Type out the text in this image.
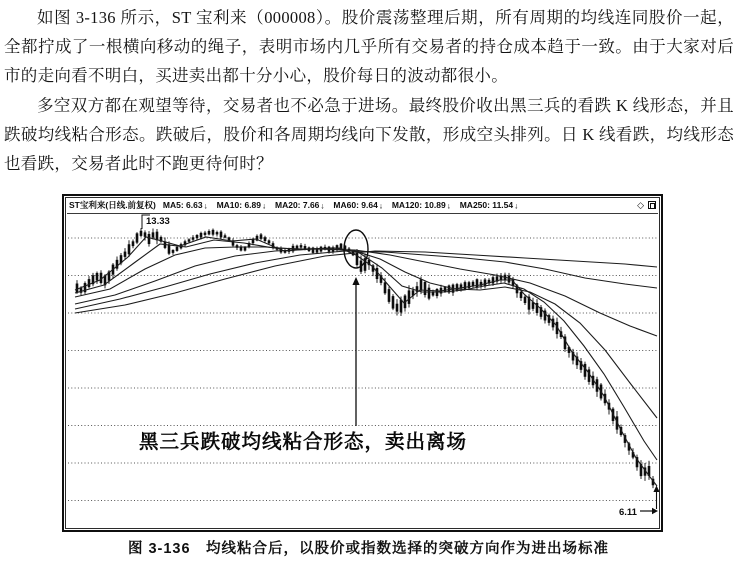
如图 3-136 所示，ST 宝利来（000008）。股价震荡整理后期，所有周期的均线连同股价一起，全都拧成了一根横向移动的绳子，表明市场内几乎所有交易者的持仓成本趋于一致。由于大家对后市的走向看不明白，买进卖出都十分小心，股价每日的波动都很小。

多空双方都在观望等待，交易者也不必急于进场。最终股价收出黑三兵的看跌 K 线形态，并且跌破均线粘合形态。跌破后，股价和各周期均线向下发散，形成空头排列。日 K 线看跌，均线形态也看跌，交易者此时不跑更待何时？

ST宝利来(日线.前复权) MA5: 6.63 ↓ MA10: 6.89 ↓ MA20: 7.66 ↓ MA60: 9.64 ↓ MA120: 10.89 ↓ MA250: 11.54 ↓	◇
黑三兵跌破均线粘合形态，卖出离场
13.33
6.11
图 3-136　均线粘合后，以股价或指数选择的突破方向作为进出场标准
